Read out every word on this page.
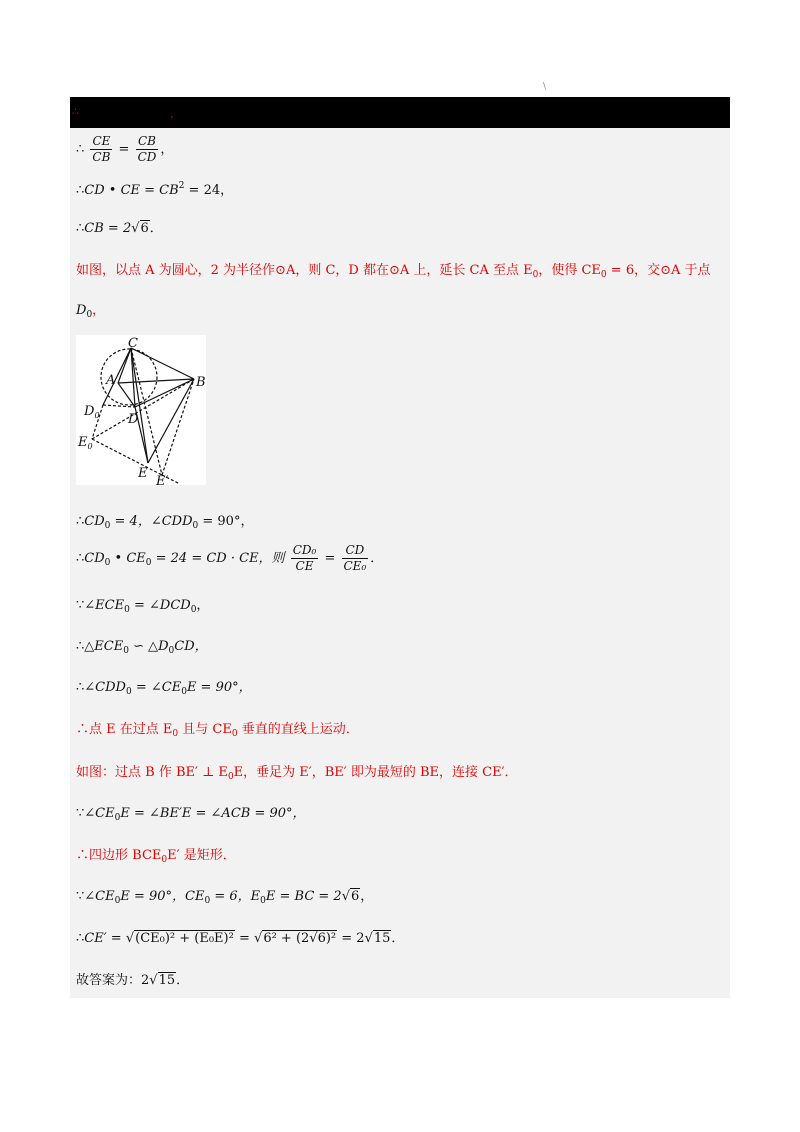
\
∴	，
∴ $\frac{CE}{CB} = \frac{CB}{CD}$ ，
∴CD • CE = $CB^2 = 24$，
∴CB = 2√6．
如图，以点 A 为圆心，2 为半径作⊙A，则 C，D 都在⊙A 上，延长 CA 至点 $E_0$，使得 $CE_0 = 6$，交⊙A 于点
$D_0$，
C
A	B
$D_0$ D
$E_0$
E
E′
$\therefore CD_0 = 4$，$\angle CDD_0 = 90^\circ$，
$\therefore CD_0$ • $CE_0 = 24$ = CD · CE，则 $\frac{\text{CD₀}}{CE} = \frac{CD}{\text{CE₀}}$ ．
$\because\angle ECE_0$ = $\angle DCD_0$，
$\therefore\triangle ECE_0$ ∽ $\triangle D_0CD$，
$\therefore\angle CDD_0$ = $\angle CE_0E = 90^\circ$，
∴点 E 在过点 $E_0$ 且与 $CE_0$ 垂直的直线上运动．
如图：过点 B 作 BE′ ⊥ $E_0E$，垂足为 E′，BE′ 即为最短的 BE，连接 CE′．
$\because\angle CE_0E$ = ∠BE′E = ∠ACB = 90°，
∴四边形 $BCE_0E'$ 是矩形．
$\because\angle CE_0E = 90^\circ$，$CE_0 = 6$，$E_0E$ = BC = 2√6，
∴CE′ = √(CE₀)² + (E₀E)² = √6² + (2√6)² = 2√15．
故答案为：2√15．
